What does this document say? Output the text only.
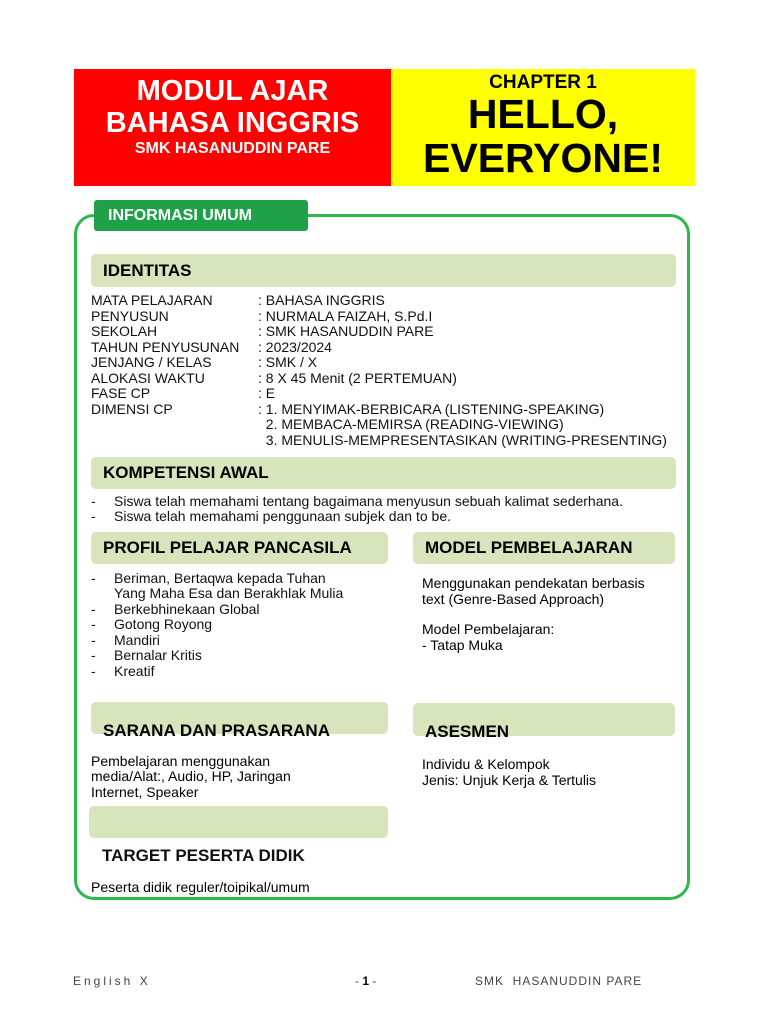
MODUL AJAR
BAHASA INGGRIS
SMK HASANUDDIN PARE
CHAPTER 1
HELLO,
EVERYONE!
INFORMASI UMUM
IDENTITAS
MATA PELAJARAN	: BAHASA INGGRIS
PENYUSUN	: NURMALA FAIZAH, S.Pd.I
SEKOLAH	: SMK HASANUDDIN PARE
TAHUN PENYUSUNAN : 2023/2024
JENJANG / KELAS	: SMK / X
ALOKASI WAKTU	: 8 X 45 Menit (2 PERTEMUAN)
FASE CP	: E
DIMENSI CP	: 1. MENYIMAK-BERBICARA (LISTENING-SPEAKING)
2. MEMBACA-MEMIRSA (READING-VIEWING)
3. MENULIS-MEMPRESENTASIKAN (WRITING-PRESENTING)
KOMPETENSI AWAL
- Siswa telah memahami tentang bagaimana menyusun sebuah kalimat sederhana.
- Siswa telah memahami penggunaan subjek dan to be.
PROFIL PELAJAR PANCASILA
- Beriman, Bertaqwa kepada Tuhan
Yang Maha Esa dan Berakhlak Mulia
- Berkebhinekaan Global
- Gotong Royong
- Mandiri
- Bernalar Kritis
- Kreatif
MODEL PEMBELAJARAN
Menggunakan pendekatan berbasis
text (Genre-Based Approach)
Model Pembelajaran:
- Tatap Muka
SARANA DAN PRASARANA
Pembelajaran menggunakan
media/Alat:, Audio, HP, Jaringan
Internet, Speaker
ASESMEN
Individu & Kelompok
Jenis: Unjuk Kerja & Tertulis
TARGET PESERTA DIDIK
Peserta didik reguler/toipikal/umum
English X	- 1 -	SMK  HASANUDDIN PARE
